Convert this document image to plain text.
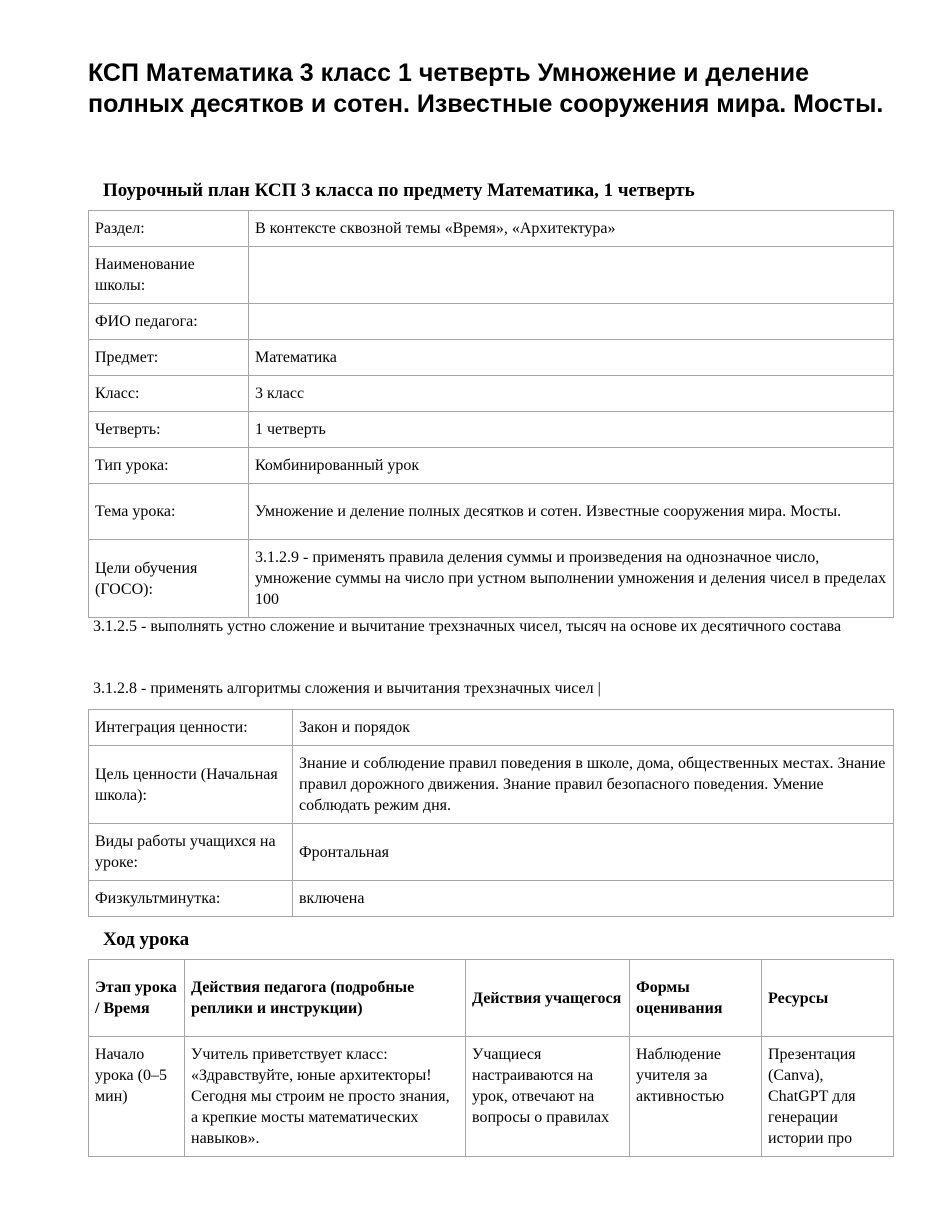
КСП Математика 3 класс 1 четверть Умножение и деление полных десятков и сотен. Известные сооружения мира. Мосты.

Поурочный план КСП 3 класса по предмету Математика, 1 четверть

Раздел:	В контексте сквозной темы «Время», «Архитектура»
Наименование школы:	
ФИО педагога:	
Предмет:	Математика
Класс:	3 класс
Четверть:	1 четверть
Тип урока:	Комбинированный урок
Тема урока:	Умножение и деление полных десятков и сотен. Известные сооружения мира. Мосты.
Цели обучения (ГОСО):	3.1.2.9 - применять правила деления суммы и произведения на однозначное число, умножение суммы на число при устном выполнении умножения и деления чисел в пределах 100

3.1.2.5 - выполнять устно сложение и вычитание трехзначных чисел, тысяч на основе их десятичного состава

3.1.2.8 - применять алгоритмы сложения и вычитания трехзначных чисел |

Интеграция ценности:	Закон и порядок
Цель ценности (Начальная школа):	Знание и соблюдение правил поведения в школе, дома, общественных местах. Знание правил дорожного движения. Знание правил безопасного поведения. Умение соблюдать режим дня.
Виды работы учащихся на уроке:	Фронтальная
Физкультминутка:	включена

Ход урока

Этап урока / Время	Действия педагога (подробные реплики и инструкции)	Действия учащегося	Формы оценивания	Ресурсы
Начало урока (0–5 мин)	Учитель приветствует класс: «Здравствуйте, юные архитекторы! Сегодня мы строим не просто знания, а крепкие мосты математических навыков».	Учащиеся настраиваются на урок, отвечают на вопросы о правилах	Наблюдение учителя за активностью	Презентация (Canva), ChatGPT для генерации истории про
